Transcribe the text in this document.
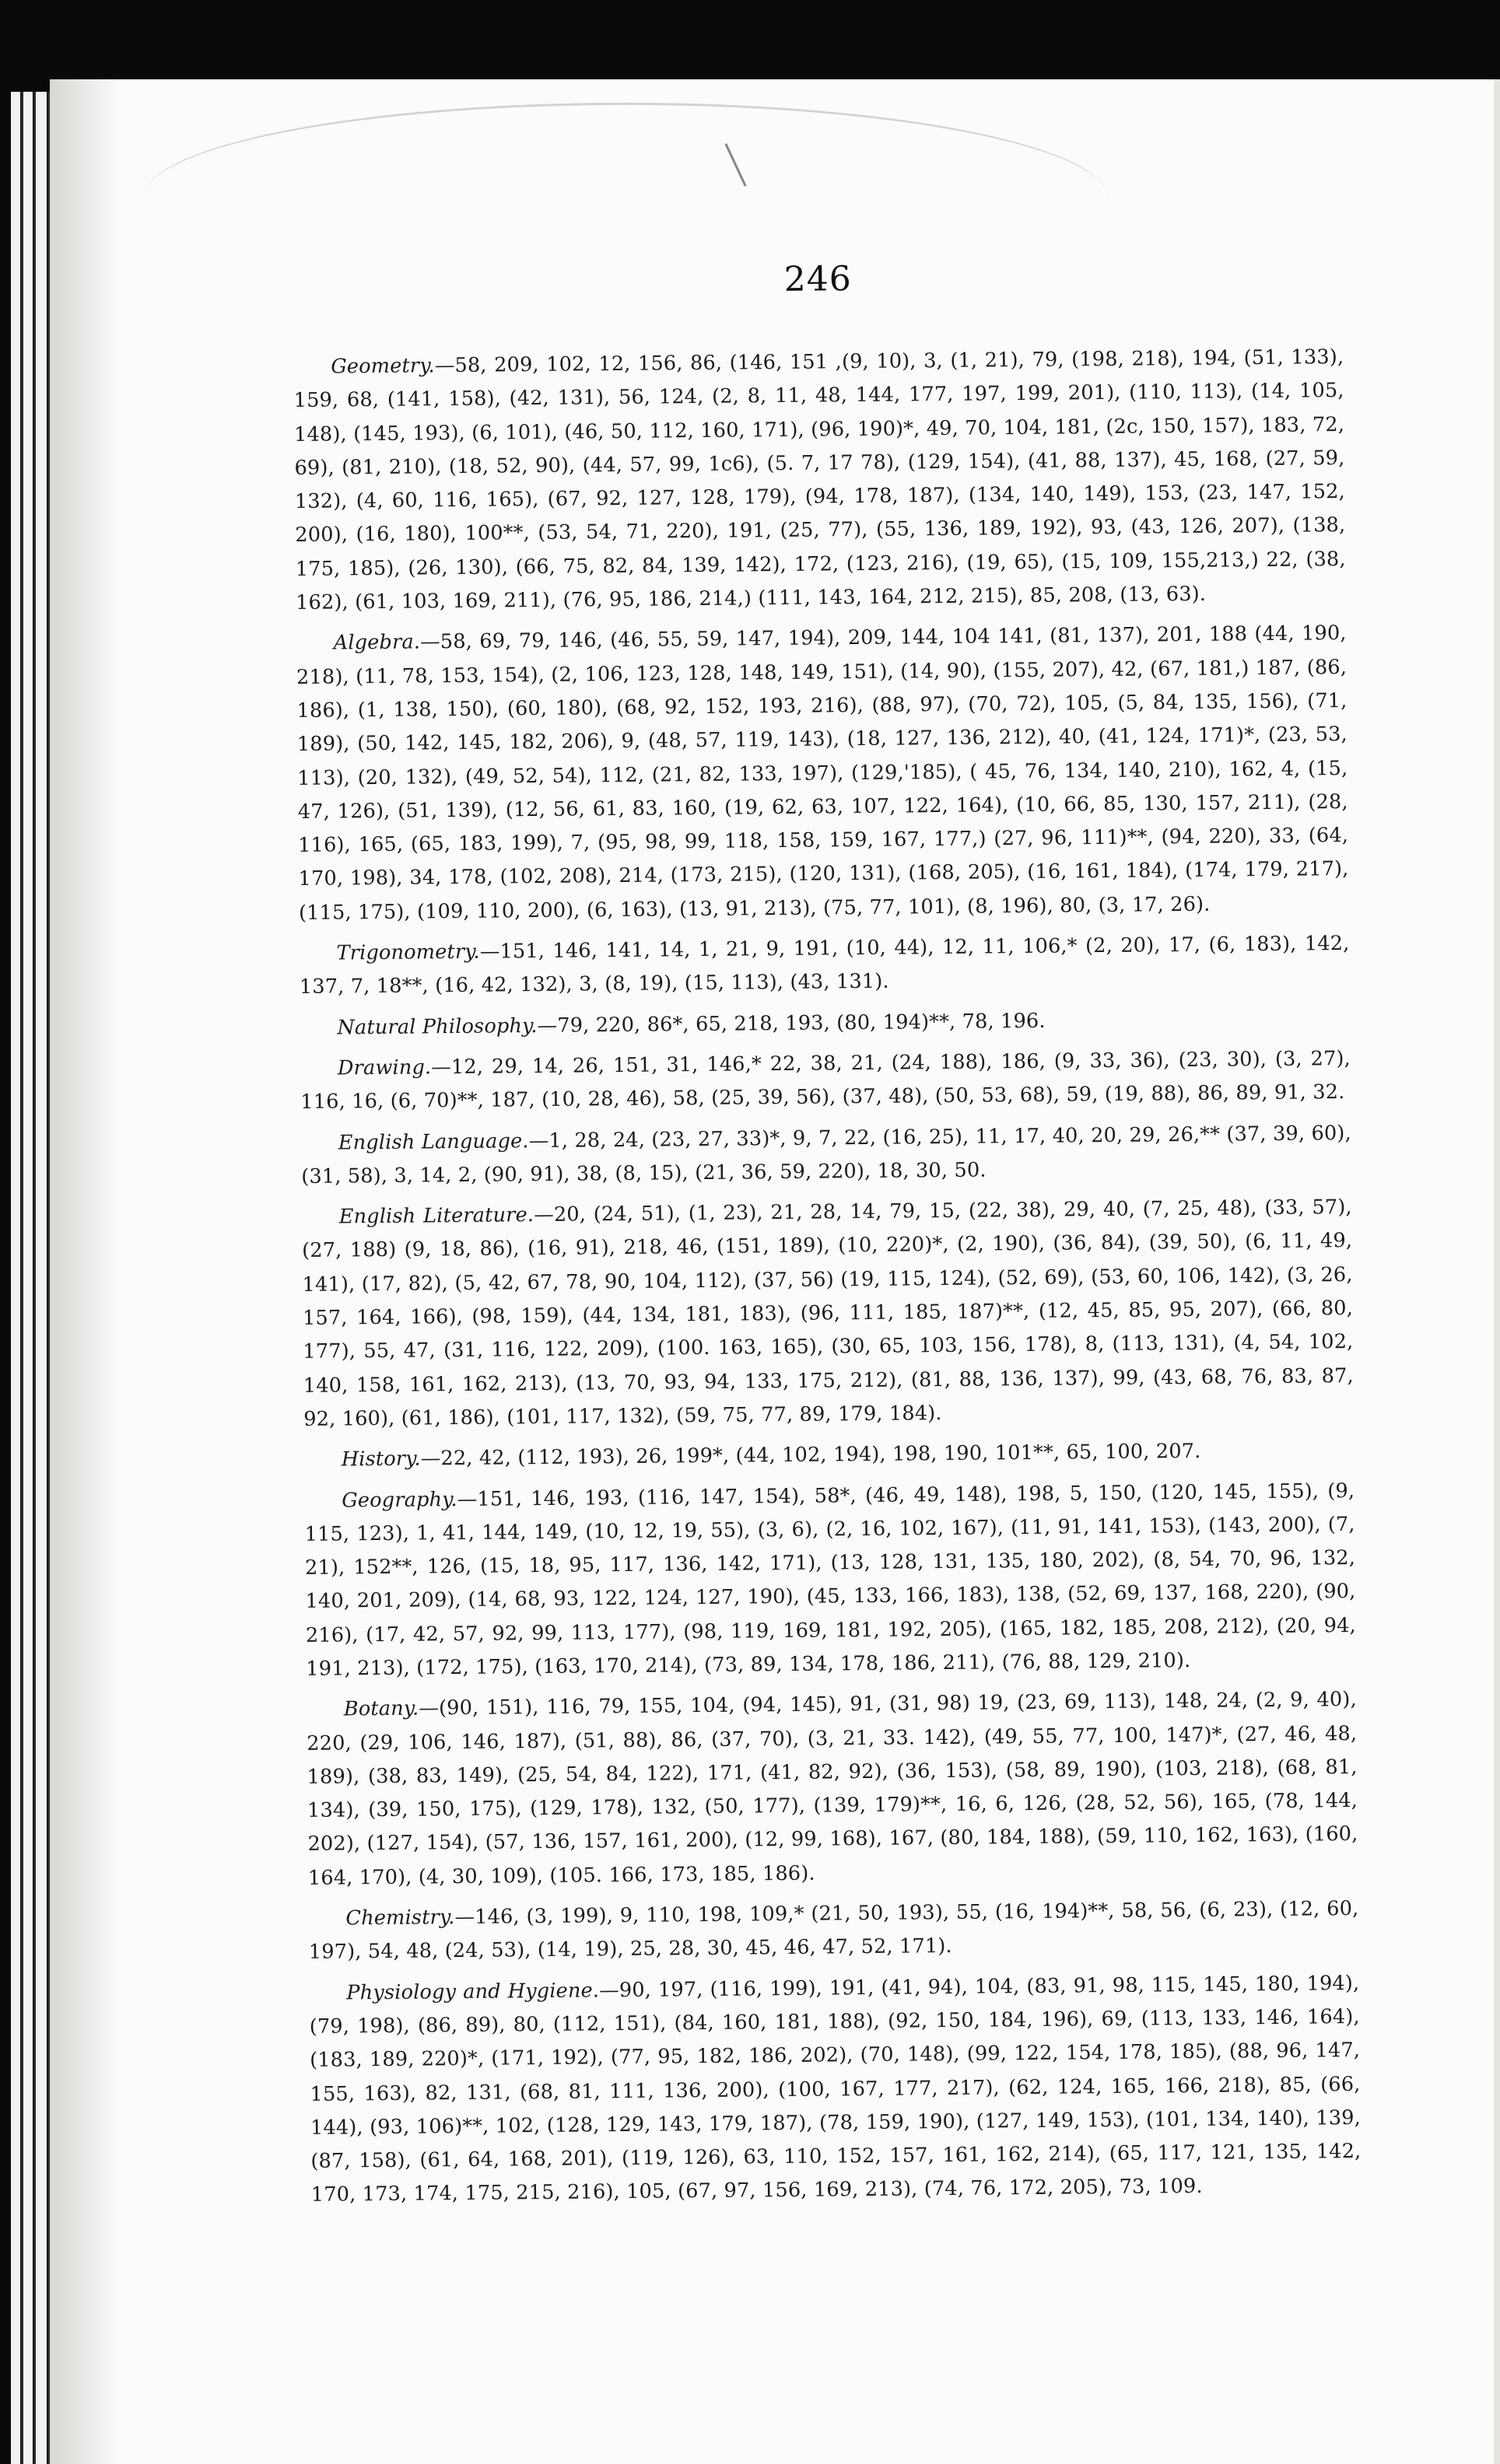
246

Geometry.—58, 209, 102, 12, 156, 86, (146, 151 ,(9, 10), 3, (1, 21), 79, (198, 218), 194, (51, 133), 159, 68, (141, 158), (42, 131), 56, 124, (2, 8, 11, 48, 144, 177, 197, 199, 201), (110, 113), (14, 105, 148), (145, 193), (6, 101), (46, 50, 112, 160, 171), (96, 190)*, 49, 70, 104, 181, (2c, 150, 157), 183, 72, 69), (81, 210), (18, 52, 90), (44, 57, 99, 1c6), (5. 7, 17 78), (129, 154), (41, 88, 137), 45, 168, (27, 59, 132), (4, 60, 116, 165), (67, 92, 127, 128, 179), (94, 178, 187), (134, 140, 149), 153, (23, 147, 152, 200), (16, 180), 100**, (53, 54, 71, 220), 191, (25, 77), (55, 136, 189, 192), 93, (43, 126, 207), (138, 175, 185), (26, 130), (66, 75, 82, 84, 139, 142), 172, (123, 216), (19, 65), (15, 109, 155,213,) 22, (38, 162), (61, 103, 169, 211), (76, 95, 186, 214,) (111, 143, 164, 212, 215), 85, 208, (13, 63).

Algebra.—58, 69, 79, 146, (46, 55, 59, 147, 194), 209, 144, 104 141, (81, 137), 201, 188 (44, 190, 218), (11, 78, 153, 154), (2, 106, 123, 128, 148, 149, 151), (14, 90), (155, 207), 42, (67, 181,) 187, (86, 186), (1, 138, 150), (60, 180), (68, 92, 152, 193, 216), (88, 97), (70, 72), 105, (5, 84, 135, 156), (71, 189), (50, 142, 145, 182, 206), 9, (48, 57, 119, 143), (18, 127, 136, 212), 40, (41, 124, 171)*, (23, 53, 113), (20, 132), (49, 52, 54), 112, (21, 82, 133, 197), (129,'185), ( 45, 76, 134, 140, 210), 162, 4, (15, 47, 126), (51, 139), (12, 56, 61, 83, 160, (19, 62, 63, 107, 122, 164), (10, 66, 85, 130, 157, 211), (28, 116), 165, (65, 183, 199), 7, (95, 98, 99, 118, 158, 159, 167, 177,) (27, 96, 111)**, (94, 220), 33, (64, 170, 198), 34, 178, (102, 208), 214, (173, 215), (120, 131), (168, 205), (16, 161, 184), (174, 179, 217), (115, 175), (109, 110, 200), (6, 163), (13, 91, 213), (75, 77, 101), (8, 196), 80, (3, 17, 26).

Trigonometry.—151, 146, 141, 14, 1, 21, 9, 191, (10, 44), 12, 11, 106,* (2, 20), 17, (6, 183), 142, 137, 7, 18**, (16, 42, 132), 3, (8, 19), (15, 113), (43, 131).

Natural Philosophy.—79, 220, 86*, 65, 218, 193, (80, 194)**, 78, 196.

Drawing.—12, 29, 14, 26, 151, 31, 146,* 22, 38, 21, (24, 188), 186, (9, 33, 36), (23, 30), (3, 27), 116, 16, (6, 70)**, 187, (10, 28, 46), 58, (25, 39, 56), (37, 48), (50, 53, 68), 59, (19, 88), 86, 89, 91, 32.

English Language.—1, 28, 24, (23, 27, 33)*, 9, 7, 22, (16, 25), 11, 17, 40, 20, 29, 26,** (37, 39, 60), (31, 58), 3, 14, 2, (90, 91), 38, (8, 15), (21, 36, 59, 220), 18, 30, 50.

English Literature.—20, (24, 51), (1, 23), 21, 28, 14, 79, 15, (22, 38), 29, 40, (7, 25, 48), (33, 57), (27, 188) (9, 18, 86), (16, 91), 218, 46, (151, 189), (10, 220)*, (2, 190), (36, 84), (39, 50), (6, 11, 49, 141), (17, 82), (5, 42, 67, 78, 90, 104, 112), (37, 56) (19, 115, 124), (52, 69), (53, 60, 106, 142), (3, 26, 157, 164, 166), (98, 159), (44, 134, 181, 183), (96, 111, 185, 187)**, (12, 45, 85, 95, 207), (66, 80, 177), 55, 47, (31, 116, 122, 209), (100. 163, 165), (30, 65, 103, 156, 178), 8, (113, 131), (4, 54, 102, 140, 158, 161, 162, 213), (13, 70, 93, 94, 133, 175, 212), (81, 88, 136, 137), 99, (43, 68, 76, 83, 87, 92, 160), (61, 186), (101, 117, 132), (59, 75, 77, 89, 179, 184).

History.—22, 42, (112, 193), 26, 199*, (44, 102, 194), 198, 190, 101**, 65, 100, 207.

Geography.—151, 146, 193, (116, 147, 154), 58*, (46, 49, 148), 198, 5, 150, (120, 145, 155), (9, 115, 123), 1, 41, 144, 149, (10, 12, 19, 55), (3, 6), (2, 16, 102, 167), (11, 91, 141, 153), (143, 200), (7, 21), 152**, 126, (15, 18, 95, 117, 136, 142, 171), (13, 128, 131, 135, 180, 202), (8, 54, 70, 96, 132, 140, 201, 209), (14, 68, 93, 122, 124, 127, 190), (45, 133, 166, 183), 138, (52, 69, 137, 168, 220), (90, 216), (17, 42, 57, 92, 99, 113, 177), (98, 119, 169, 181, 192, 205), (165, 182, 185, 208, 212), (20, 94, 191, 213), (172, 175), (163, 170, 214), (73, 89, 134, 178, 186, 211), (76, 88, 129, 210).

Botany.—(90, 151), 116, 79, 155, 104, (94, 145), 91, (31, 98) 19, (23, 69, 113), 148, 24, (2, 9, 40), 220, (29, 106, 146, 187), (51, 88), 86, (37, 70), (3, 21, 33. 142), (49, 55, 77, 100, 147)*, (27, 46, 48, 189), (38, 83, 149), (25, 54, 84, 122), 171, (41, 82, 92), (36, 153), (58, 89, 190), (103, 218), (68, 81, 134), (39, 150, 175), (129, 178), 132, (50, 177), (139, 179)**, 16, 6, 126, (28, 52, 56), 165, (78, 144, 202), (127, 154), (57, 136, 157, 161, 200), (12, 99, 168), 167, (80, 184, 188), (59, 110, 162, 163), (160, 164, 170), (4, 30, 109), (105. 166, 173, 185, 186).

Chemistry.—146, (3, 199), 9, 110, 198, 109,* (21, 50, 193), 55, (16, 194)**, 58, 56, (6, 23), (12, 60, 197), 54, 48, (24, 53), (14, 19), 25, 28, 30, 45, 46, 47, 52, 171).

Physiology and Hygiene.—90, 197, (116, 199), 191, (41, 94), 104, (83, 91, 98, 115, 145, 180, 194), (79, 198), (86, 89), 80, (112, 151), (84, 160, 181, 188), (92, 150, 184, 196), 69, (113, 133, 146, 164), (183, 189, 220)*, (171, 192), (77, 95, 182, 186, 202), (70, 148), (99, 122, 154, 178, 185), (88, 96, 147, 155, 163), 82, 131, (68, 81, 111, 136, 200), (100, 167, 177, 217), (62, 124, 165, 166, 218), 85, (66, 144), (93, 106)**, 102, (128, 129, 143, 179, 187), (78, 159, 190), (127, 149, 153), (101, 134, 140), 139, (87, 158), (61, 64, 168, 201), (119, 126), 63, 110, 152, 157, 161, 162, 214), (65, 117, 121, 135, 142, 170, 173, 174, 175, 215, 216), 105, (67, 97, 156, 169, 213), (74, 76, 172, 205), 73, 109.
